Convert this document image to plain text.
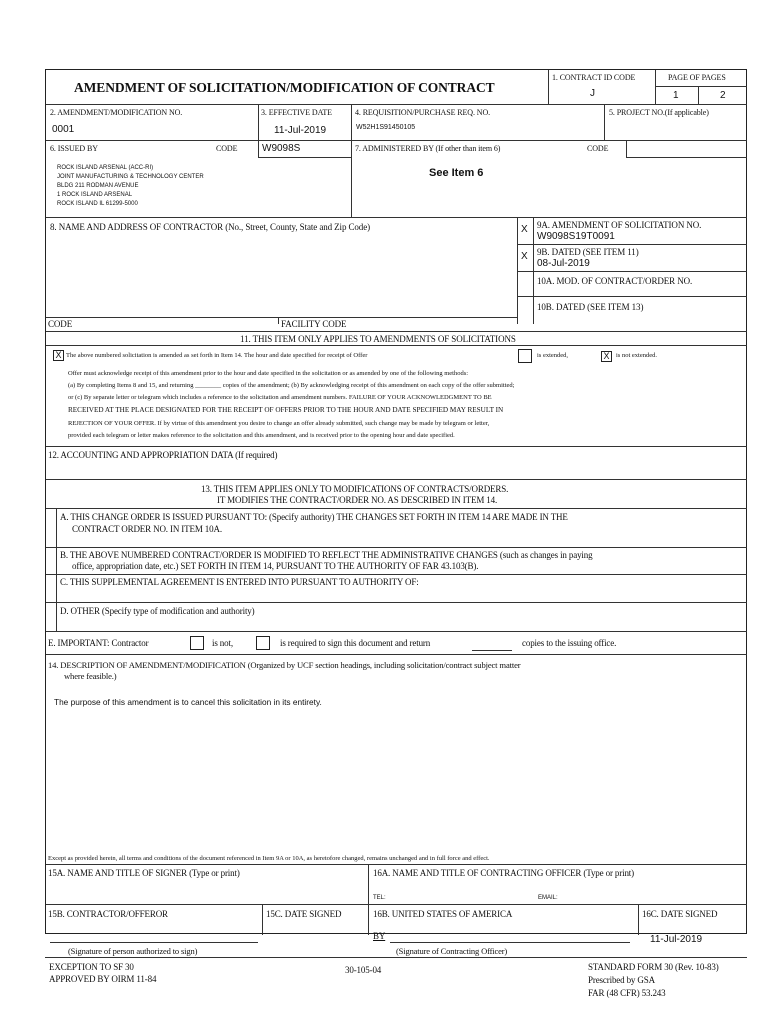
AMENDMENT OF SOLICITATION/MODIFICATION OF CONTRACT
1. CONTRACT ID CODE
J
PAGE OF PAGES
1	2
2. AMENDMENT/MODIFICATION NO.
0001
3. EFFECTIVE DATE
11-Jul-2019
4. REQUISITION/PURCHASE REQ. NO.
W52H1S91450105
5. PROJECT NO.(If applicable)
6. ISSUED BY	CODE W9098S	7. ADMINISTERED BY (If other than item 6)	CODE
ROCK ISLAND ARSENAL (ACC-RI)
JOINT MANUFACTURING & TECHNOLOGY CENTER
BLDG 211 RODMAN AVENUE
1 ROCK ISLAND ARSENAL
ROCK ISLAND IL 61299-5000
See Item 6
8. NAME AND ADDRESS OF CONTRACTOR (No., Street, County, State and Zip Code)	X 9A. AMENDMENT OF SOLICITATION NO.
W9098S19T0091
X 9B. DATED (SEE ITEM 11)
08-Jul-2019
10A. MOD. OF CONTRACT/ORDER NO.
10B. DATED (SEE ITEM 13)
CODE	FACILITY CODE
11. THIS ITEM ONLY APPLIES TO AMENDMENTS OF SOLICITATIONS
X The above numbered solicitation is amended as set forth in Item 14. The hour and date specified for receipt of Offer	is extended,	X	is not extended.
Offer must acknowledge receipt of this amendment prior to the hour and date specified in the solicitation or as amended by one of the following methods:
(a) By completing Items 8 and 15, and returning ________ copies of the amendment; (b) By acknowledging receipt of this amendment on each copy of the offer submitted;
or (c) By separate letter or telegram which includes a reference to the solicitation and amendment numbers. FAILURE OF YOUR ACKNOWLEDGMENT TO BE
RECEIVED AT THE PLACE DESIGNATED FOR THE RECEIPT OF OFFERS PRIOR TO THE HOUR AND DATE SPECIFIED MAY RESULT IN
REJECTION OF YOUR OFFER. If by virtue of this amendment you desire to change an offer already submitted, such change may be made by telegram or letter,
provided each telegram or letter makes reference to the solicitation and this amendment, and is received prior to the opening hour and date specified.
12. ACCOUNTING AND APPROPRIATION DATA (If required)
13. THIS ITEM APPLIES ONLY TO MODIFICATIONS OF CONTRACTS/ORDERS.
IT MODIFIES THE CONTRACT/ORDER NO. AS DESCRIBED IN ITEM 14.
A. THIS CHANGE ORDER IS ISSUED PURSUANT TO: (Specify authority) THE CHANGES SET FORTH IN ITEM 14 ARE MADE IN THE
CONTRACT ORDER NO. IN ITEM 10A.
B. THE ABOVE NUMBERED CONTRACT/ORDER IS MODIFIED TO REFLECT THE ADMINISTRATIVE CHANGES (such as changes in paying
office, appropriation date, etc.) SET FORTH IN ITEM 14, PURSUANT TO THE AUTHORITY OF FAR 43.103(B).
C. THIS SUPPLEMENTAL AGREEMENT IS ENTERED INTO PURSUANT TO AUTHORITY OF:
D. OTHER (Specify type of modification and authority)
E. IMPORTANT: Contractor	is not,	is required to sign this document and return	copies to the issuing office.
14. DESCRIPTION OF AMENDMENT/MODIFICATION (Organized by UCF section headings, including solicitation/contract subject matter
where feasible.)
The purpose of this amendment is to cancel this solicitation in its entirety.
Except as provided herein, all terms and conditions of the document referenced in Item 9A or 10A, as heretofore changed, remains unchanged and in full force and effect.
15A. NAME AND TITLE OF SIGNER (Type or print)	16A. NAME AND TITLE OF CONTRACTING OFFICER (Type or print)
TEL:	EMAIL:
15B. CONTRACTOR/OFFEROR	15C. DATE SIGNED	16B. UNITED STATES OF AMERICA	16C. DATE SIGNED
BY	11-Jul-2019
(Signature of person authorized to sign)	(Signature of Contracting Officer)
EXCEPTION TO SF 30
APPROVED BY OIRM 11-84
30-105-04	STANDARD FORM 30 (Rev. 10-83)
Prescribed by GSA
FAR (48 CFR) 53.243
